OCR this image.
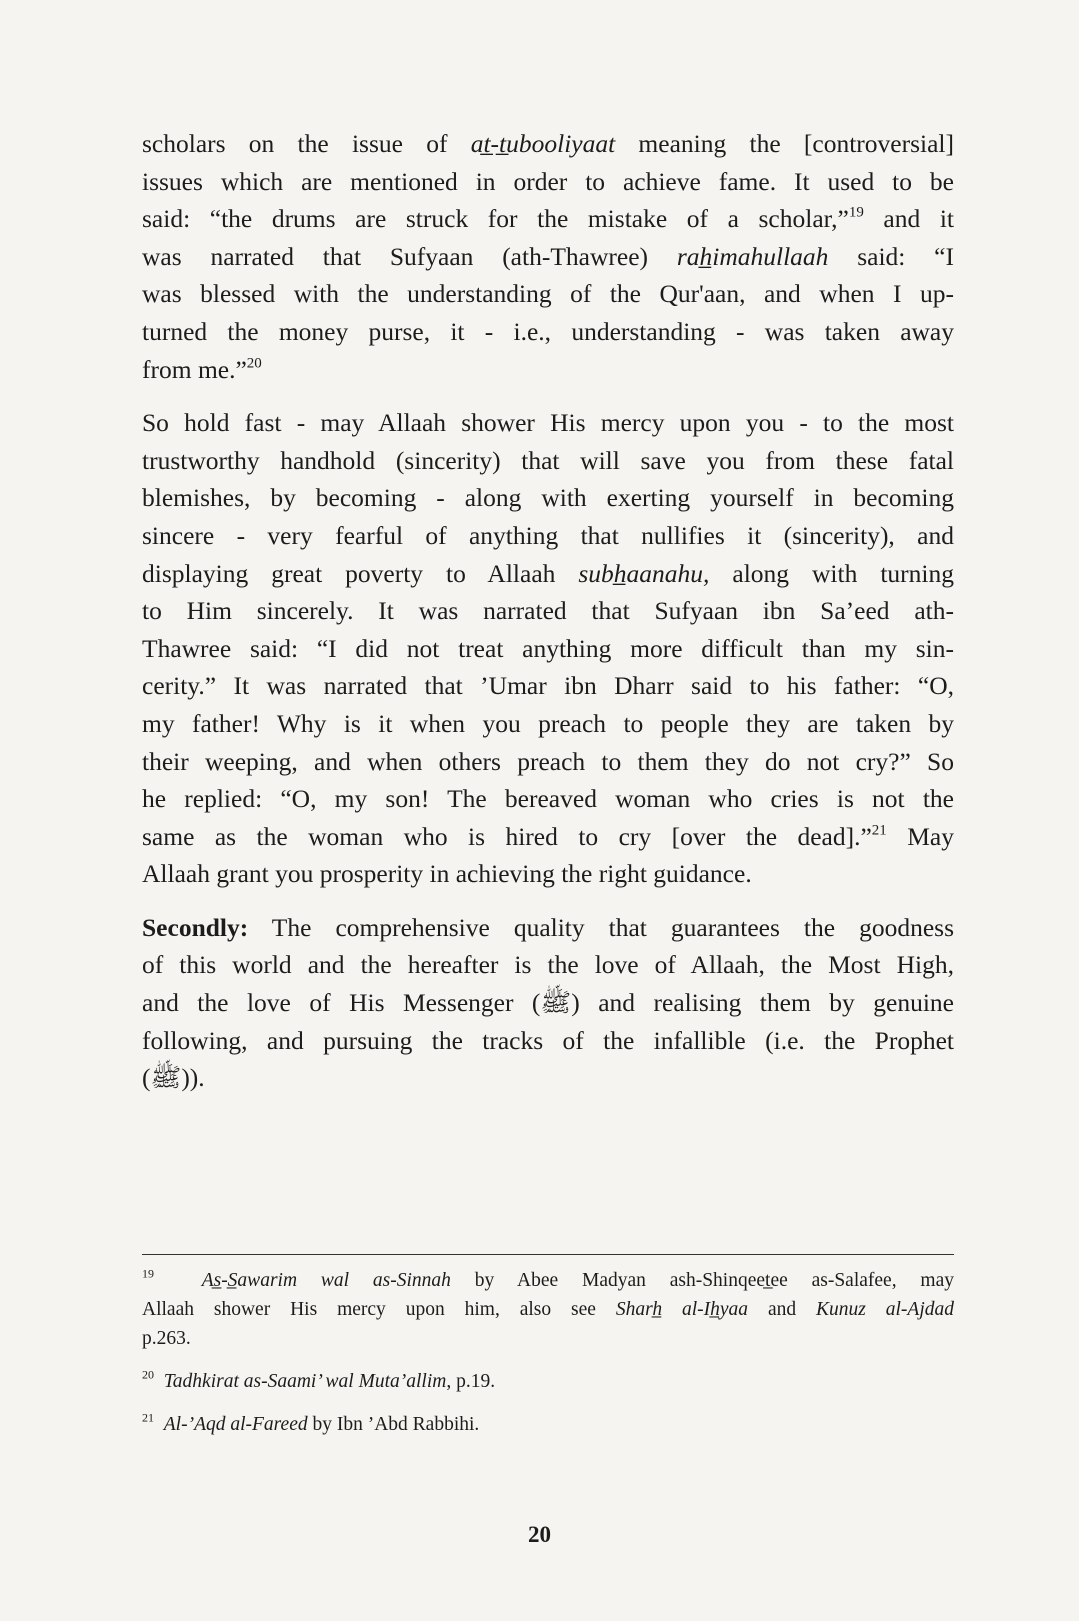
scholars on the issue of at̲-t̲ubooliyaat meaning the [controversial]
issues which are mentioned in order to achieve fame. It used to be
said: “the drums are struck for the mistake of a scholar,”$^{19}$ and it
was narrated that Sufyaan (ath-Thawree) rah̲imahullaah said: “I
was blessed with the understanding of the Qur'aan, and when I up-
turned the money purse, it - i.e., understanding - was taken away
from me.”$^{20}$
So hold fast - may Allaah shower His mercy upon you - to the most
trustworthy handhold (sincerity) that will save you from these fatal
blemishes, by becoming - along with exerting yourself in becoming
sincere - very fearful of anything that nullifies it (sincerity), and
displaying great poverty to Allaah subh̲aanahu, along with turning
to Him sincerely. It was narrated that Sufyaan ibn Sa’eed ath-
Thawree said: “I did not treat anything more difficult than my sin-
cerity.” It was narrated that ’Umar ibn Dharr said to his father: “O,
my father! Why is it when you preach to people they are taken by
their weeping, and when others preach to them they do not cry?” So
he replied: “O, my son! The bereaved woman who cries is not the
same as the woman who is hired to cry [over the dead].”$^{21}$ May
Allaah grant you prosperity in achieving the right guidance.
Secondly: The comprehensive quality that guarantees the goodness
of this world and the hereafter is the love of Allaah, the Most High,
and the love of His Messenger (ﷺ) and realising them by genuine
following, and pursuing the tracks of the infallible (i.e. the Prophet
(ﷺ)).
$^{19}$ As̲-S̲awarim wal as-Sinnah by Abee Madyan ash-Shinqeet̲ee as-Salafee, may
Allaah shower His mercy upon him, also see Sharh̲ al-Ih̲yaa and Kunuz al-Ajdad
p.263.
$^{20}$ Tadhkirat as-Saami’ wal Muta’allim, p.19.
$^{21}$ Al-’Aqd al-Fareed by Ibn ’Abd Rabbihi.
20
